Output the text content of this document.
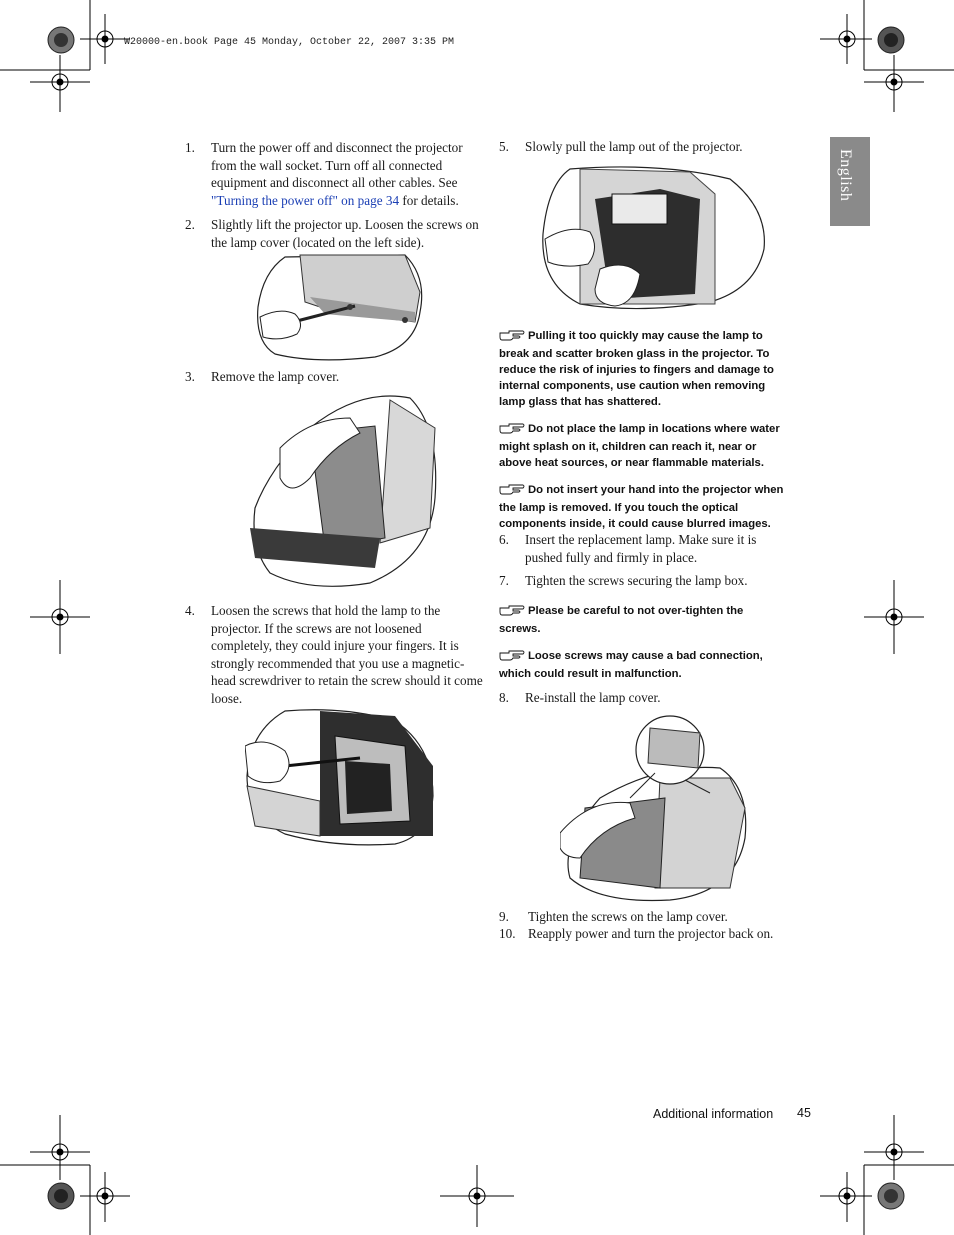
W20000-en.book Page 45 Monday, October 22, 2007 3:35 PM
English
1. Turn the power off and disconnect the projector
from the wall socket. Turn off all connected
equipment and disconnect all other cables. See
"Turning the power off" on page 34 for details.
2. Slightly lift the projector up. Loosen the screws on
the lamp cover (located on the left side).
3. Remove the lamp cover.
4. Loosen the screws that hold the lamp to the
projector. If the screws are not loosened
completely, they could injure your fingers. It is
strongly recommended that you use a magnetic-
head screwdriver to retain the screw should it come
loose.
5. Slowly pull the lamp out of the projector.
Pulling it too quickly may cause the lamp to
break and scatter broken glass in the projector. To
reduce the risk of injuries to fingers and damage to
internal components, use caution when removing
lamp glass that has shattered.
Do not place the lamp in locations where water
might splash on it, children can reach it, near or
above heat sources, or near flammable materials.
Do not insert your hand into the projector when
the lamp is removed. If you touch the optical
components inside, it could cause blurred images.
6. Insert the replacement lamp. Make sure it is
pushed fully and firmly in place.
7. Tighten the screws securing the lamp box.
Please be careful to not over-tighten the
screws.
Loose screws may cause a bad connection,
which could result in malfunction.
8. Re-install the lamp cover.
9. Tighten the screws on the lamp cover.
10. Reapply power and turn the projector back on.
Additional information 45
